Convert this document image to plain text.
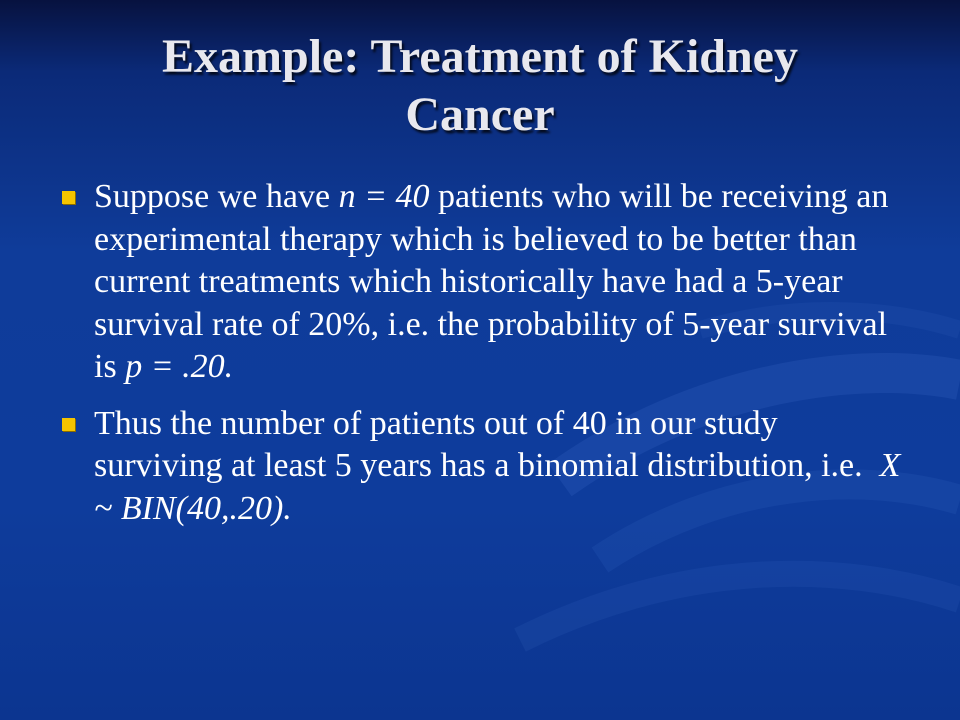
Example: Treatment of Kidney
Cancer
Suppose we have n = 40 patients who will be receiving an experimental therapy which is believed to be better than current treatments which historically have had a 5-year survival rate of 20%, i.e. the probability of 5-year survival is p = .20.
Thus the number of patients out of 40 in our study surviving at least 5 years has a binomial distribution, i.e.  X ~ BIN(40,.20).
